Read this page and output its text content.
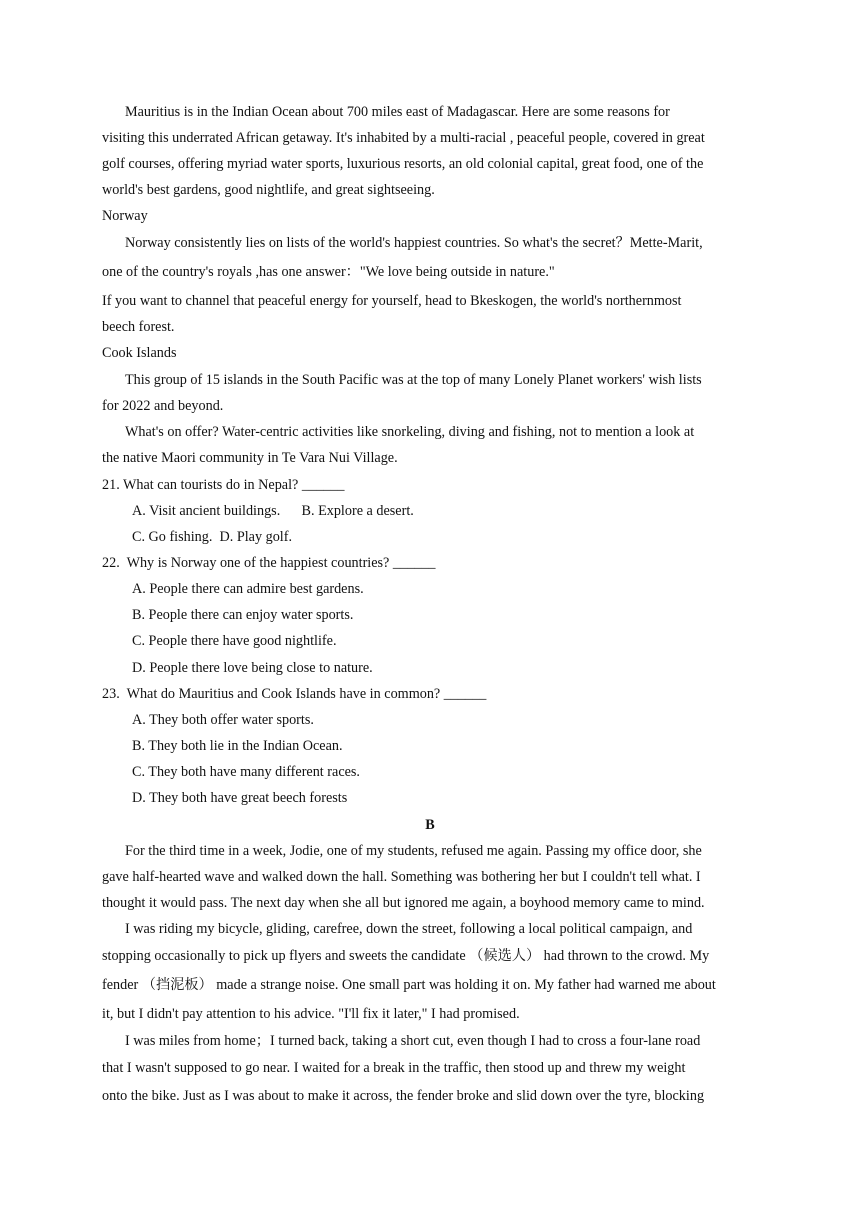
Mauritius is in the Indian Ocean about 700 miles east of Madagascar. Here are some reasons for
visiting this underrated African getaway. It's inhabited by a multi-racial , peaceful people, covered in great
golf courses, offering myriad water sports, luxurious resorts, an old colonial capital, great food, one of the
world's best gardens, good nightlife, and great sightseeing.
Norway
Norway consistently lies on lists of the world's happiest countries. So what's the secret？Mette-Marit,
one of the country's royals ,has one answer："We love being outside in nature."
If you want to channel that peaceful energy for yourself, head to Bkeskogen, the world's northernmost
beech forest.
Cook Islands
This group of 15 islands in the South Pacific was at the top of many Lonely Planet workers' wish lists
for 2022 and beyond.
What's on offer? Water-centric activities like snorkeling, diving and fishing, not to mention a look at
the native Maori community in Te Vara Nui Village.
21. What can tourists do in Nepal? ______
A. Visit ancient buildings.      B. Explore a desert.
C. Go fishing.  D. Play golf.
22.  Why is Norway one of the happiest countries? ______
A. People there can admire best gardens.
B. People there can enjoy water sports.
C. People there have good nightlife.
D. People there love being close to nature.
23.  What do Mauritius and Cook Islands have in common? ______
A. They both offer water sports.
B. They both lie in the Indian Ocean.
C. They both have many different races.
D. They both have great beech forests
B
For the third time in a week, Jodie, one of my students, refused me again. Passing my office door, she
gave half-hearted wave and walked down the hall. Something was bothering her but I couldn't tell what. I
thought it would pass. The next day when she all but ignored me again, a boyhood memory came to mind.
I was riding my bicycle, gliding, carefree, down the street, following a local political campaign, and
stopping occasionally to pick up flyers and sweets the candidate （候选人） had thrown to the crowd. My
fender （挡泥板） made a strange noise. One small part was holding it on. My father had warned me about
it, but I didn't pay attention to his advice. "I'll fix it later," I had promised.
I was miles from home；I turned back, taking a short cut, even though I had to cross a four-lane road
that I wasn't supposed to go near. I waited for a break in the traffic, then stood up and threw my weight
onto the bike. Just as I was about to make it across, the fender broke and slid down over the tyre, blocking
